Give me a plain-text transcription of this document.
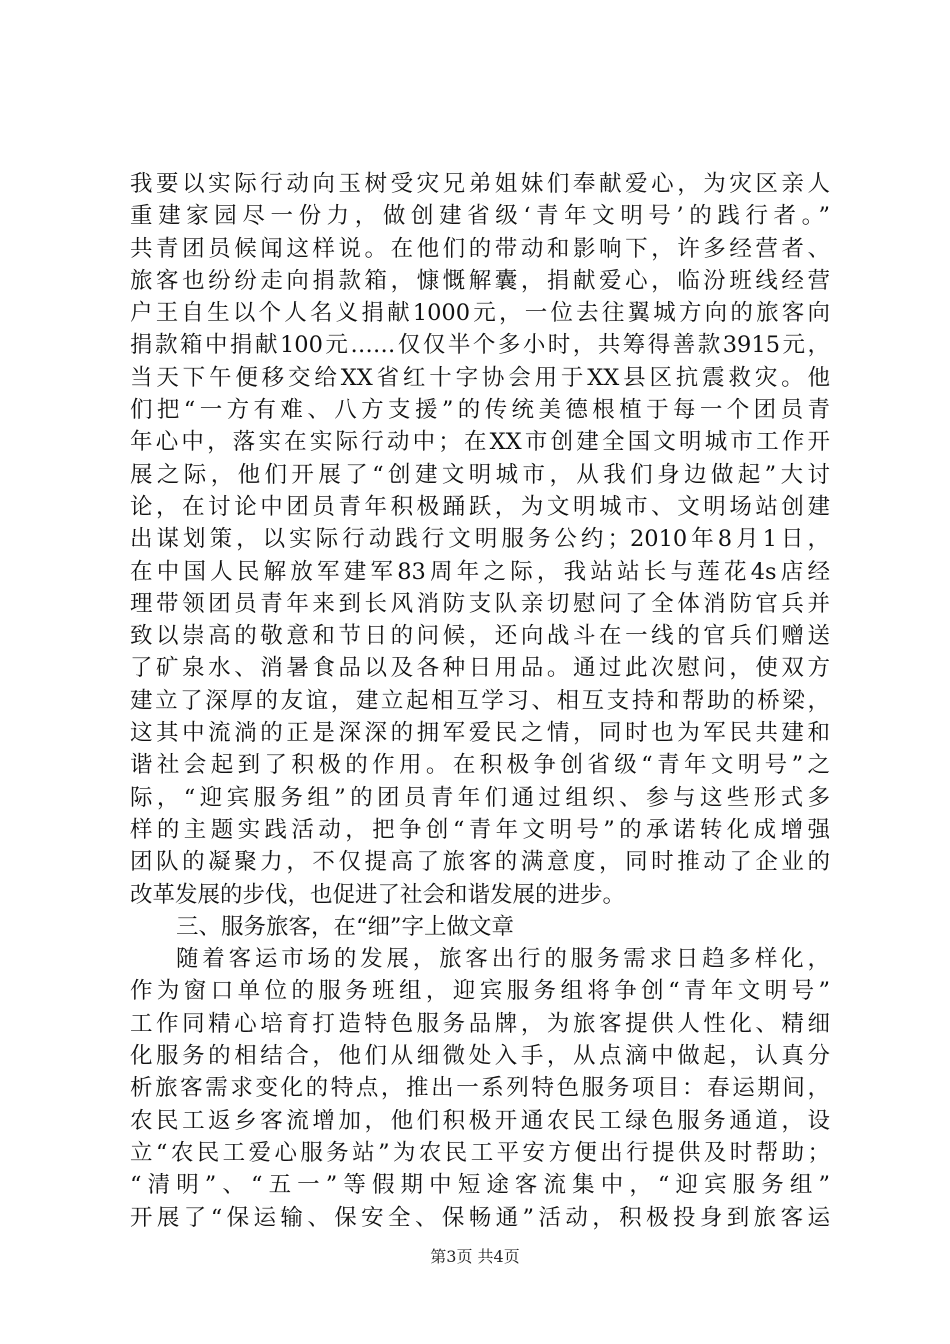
我要以实际行动向玉树受灾兄弟姐妹们奉献爱心，为灾区亲人
重建家园尽一份力，做创建省级‘青年文明号’的践行者。”
共青团员候闻这样说。在他们的带动和影响下，许多经营者、
旅客也纷纷走向捐款箱，慷慨解囊，捐献爱心，临汾班线经营
户王自生以个人名义捐献1000元，一位去往翼城方向的旅客向
捐款箱中捐献100元……仅仅半个多小时，共筹得善款3915元，
当天下午便移交给XX省红十字协会用于XX县区抗震救灾。他
们把“一方有难、八方支援”的传统美德根植于每一个团员青
年心中，落实在实际行动中；在XX市创建全国文明城市工作开
展之际，他们开展了“创建文明城市，从我们身边做起”大讨
论，在讨论中团员青年积极踊跃，为文明城市、文明场站创建
出谋划策，以实际行动践行文明服务公约；2010年8月1日，
在中国人民解放军建军83周年之际，我站站长与莲花4s店经
理带领团员青年来到长风消防支队亲切慰问了全体消防官兵并
致以崇高的敬意和节日的问候，还向战斗在一线的官兵们赠送
了矿泉水、消暑食品以及各种日用品。通过此次慰问，使双方
建立了深厚的友谊，建立起相互学习、相互支持和帮助的桥梁，
这其中流淌的正是深深的拥军爱民之情，同时也为军民共建和
谐社会起到了积极的作用。在积极争创省级“青年文明号”之
际，“迎宾服务组”的团员青年们通过组织、参与这些形式多
样的主题实践活动，把争创“青年文明号”的承诺转化成增强
团队的凝聚力，不仅提高了旅客的满意度，同时推动了企业的
改革发展的步伐，也促进了社会和谐发展的进步。
三、服务旅客，在“细”字上做文章
随着客运市场的发展，旅客出行的服务需求日趋多样化，
作为窗口单位的服务班组，迎宾服务组将争创“青年文明号”
工作同精心培育打造特色服务品牌，为旅客提供人性化、精细
化服务的相结合，他们从细微处入手，从点滴中做起，认真分
析旅客需求变化的特点，推出一系列特色服务项目：春运期间，
农民工返乡客流增加，他们积极开通农民工绿色服务通道，设
立“农民工爱心服务站”为农民工平安方便出行提供及时帮助；
“清明”、“五一”等假期中短途客流集中，“迎宾服务组”
开展了“保运输、保安全、保畅通”活动，积极投身到旅客运
第3页 共4页
